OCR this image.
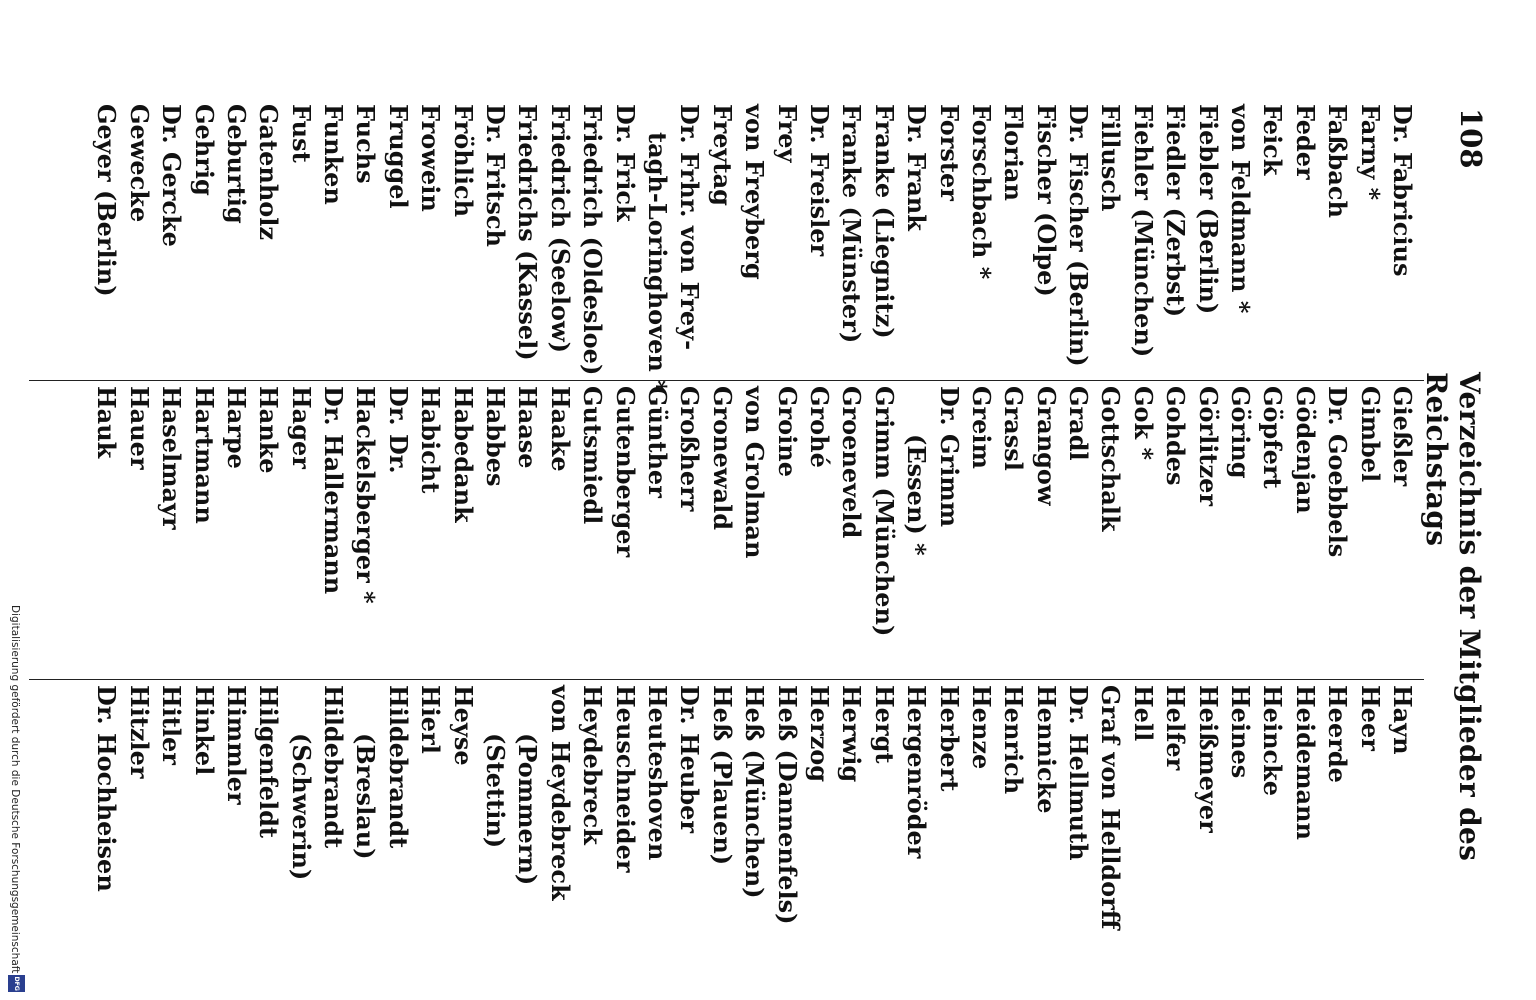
108
Verzeichnis der Mitglieder des Reichstags
Dr. Fabricius
Farny *
Faßbach
Feder
Feick
von Feldmann *
Fiebler (Berlin)
Fiedler (Zerbst)
Fiehler (München)
Fillusch
Dr. Fischer (Berlin)
Fischer (Olpe)
Florian
Forschbach *
Forster
Dr. Frank
Franke (Liegnitz)
Franke (Münster)
Dr. Freisler
Frey
von Freyberg
Freytag
Dr. Frhr. von Frey-
tagh-Loringhoven *
Dr. Frick
Friedrich (Oldesloe)
Friedrich (Seelow)
Friedrichs (Kassel)
Dr. Fritsch
Fröhlich
Frowein
Fruggel
Fuchs
Funken
Fust
Gatenholz
Geburtig
Gehrig
Dr. Gercke
Gewecke
Geyer (Berlin)
Gießler
Gimbel
Dr. Goebbels
Gödenjan
Göpfert
Göring
Görlitzer
Gohdes
Gok *
Gottschalk
Gradl
Grangow
Grassl
Greim
Dr. Grimm
(Essen) *
Grimm (München)
Groeneveld
Grohé
Groine
von Grolman
Gronewald
Großherr
Günther
Gutenberger
Gutsmiedl
Haake
Haase
Habbes
Habedank
Habicht
Dr. Dr.
Hackelsberger *
Dr. Hallermann
Hager
Hanke
Harpe
Hartmann
Haselmayr
Hauer
Hauk
Hayn
Heer
Heerde
Heidemann
Heincke
Heines
Heißmeyer
Helfer
Hell
Graf von Helldorff
Dr. Hellmuth
Hennicke
Henrich
Henze
Herbert
Hergenröder
Hergt
Herwig
Herzog
Heß (Dannenfels)
Heß (München)
Heß (Plauen)
Dr. Heuber
Heuteshoven
Heuschneider
Heydebreck
von Heydebreck
(Pommern)
(Stettin)
Heyse
Hierl
Hildebrandt
(Breslau)
Hildebrandt
(Schwerin)
Hilgenfeldt
Himmler
Hinkel
Hitler
Hitzler
Dr. Hochheisen
Digitalisierung gefördert durch die Deutsche Forschungsgemeinschaft
DFG
